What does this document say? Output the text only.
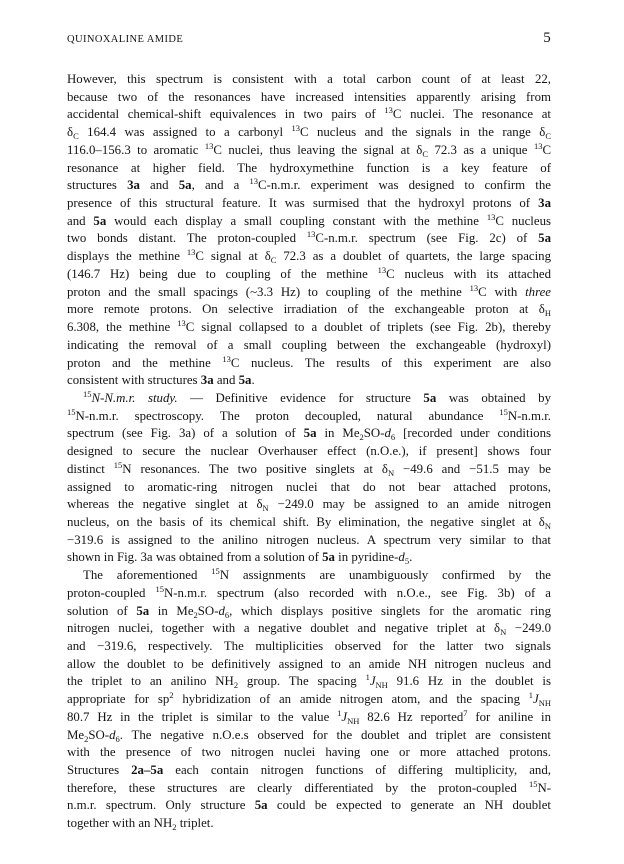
QUINOXALINE AMIDE	5

However, this spectrum is consistent with a total carbon count of at least 22,
because two of the resonances have increased intensities apparently arising from
accidental chemical-shift equivalences in two pairs of $^{13}$C nuclei. The resonance at
$\delta_C$ 164.4 was assigned to a carbonyl $^{13}$C nucleus and the signals in the range $\delta_C$
116.0–156.3 to aromatic $^{13}$C nuclei, thus leaving the signal at $\delta_C$ 72.3 as a unique $^{13}$C
resonance at higher field. The hydroxymethine function is a key feature of
structures 3a and 5a, and a $^{13}$C-n.m.r. experiment was designed to confirm the
presence of this structural feature. It was surmised that the hydroxyl protons of 3a
and 5a would each display a small coupling constant with the methine $^{13}$C nucleus
two bonds distant. The proton-coupled $^{13}$C-n.m.r. spectrum (see Fig. 2c) of 5a
displays the methine $^{13}$C signal at $\delta_C$ 72.3 as a doublet of quartets, the large spacing
(146.7 Hz) being due to coupling of the methine $^{13}$C nucleus with its attached
proton and the small spacings (~3.3 Hz) to coupling of the methine $^{13}$C with three
more remote protons. On selective irradiation of the exchangeable proton at $\delta_H$
6.308, the methine $^{13}$C signal collapsed to a doublet of triplets (see Fig. 2b), thereby
indicating the removal of a small coupling between the exchangeable (hydroxyl)
proton and the methine $^{13}$C nucleus. The results of this experiment are also
consistent with structures 3a and 5a.

$^{15}$N-N.m.r. study. — Definitive evidence for structure 5a was obtained by
$^{15}$N-n.m.r. spectroscopy. The proton decoupled, natural abundance $^{15}$N-n.m.r.
spectrum (see Fig. 3a) of a solution of 5a in $Me_2SO-d_6$ [recorded under conditions
designed to secure the nuclear Overhauser effect (n.O.e.), if present] shows four
distinct $^{15}$N resonances. The two positive singlets at $\delta_N -49.6$ and −51.5 may be
assigned to aromatic-ring nitrogen nuclei that do not bear attached protons,
whereas the negative singlet at $\delta_N -249.0$ may be assigned to an amide nitrogen
nucleus, on the basis of its chemical shift. By elimination, the negative singlet at $\delta_N$
−319.6 is assigned to the anilino nitrogen nucleus. A spectrum very similar to that
shown in Fig. 3a was obtained from a solution of 5a in pyridine-$d_5$.

The aforementioned $^{15}$N assignments are unambiguously confirmed by the
proton-coupled $^{15}$N-n.m.r. spectrum (also recorded with n.O.e., see Fig. 3b) of a
solution of 5a in $Me_2SO-d_6$, which displays positive singlets for the aromatic ring
nitrogen nuclei, together with a negative doublet and negative triplet at $\delta_N -249.0$
and −319.6, respectively. The multiplicities observed for the latter two signals
allow the doublet to be definitively assigned to an amide NH nitrogen nucleus and
the triplet to an anilino $NH_2$ group. The spacing $^1J_{NH}$ 91.6 Hz in the doublet is
appropriate for $sp^2$ hybridization of an amide nitrogen atom, and the spacing $^1J_{NH}$
80.7 Hz in the triplet is similar to the value $^1J_{NH}$ 82.6 Hz reported$^7$ for aniline in
$Me_2SO-d_6$. The negative n.O.e.s observed for the doublet and triplet are consistent
with the presence of two nitrogen nuclei having one or more attached protons.
Structures 2a–5a each contain nitrogen functions of differing multiplicity, and,
therefore, these structures are clearly differentiated by the proton-coupled $^{15}$N-
n.m.r. spectrum. Only structure 5a could be expected to generate an NH doublet
together with an $NH_2$ triplet.
